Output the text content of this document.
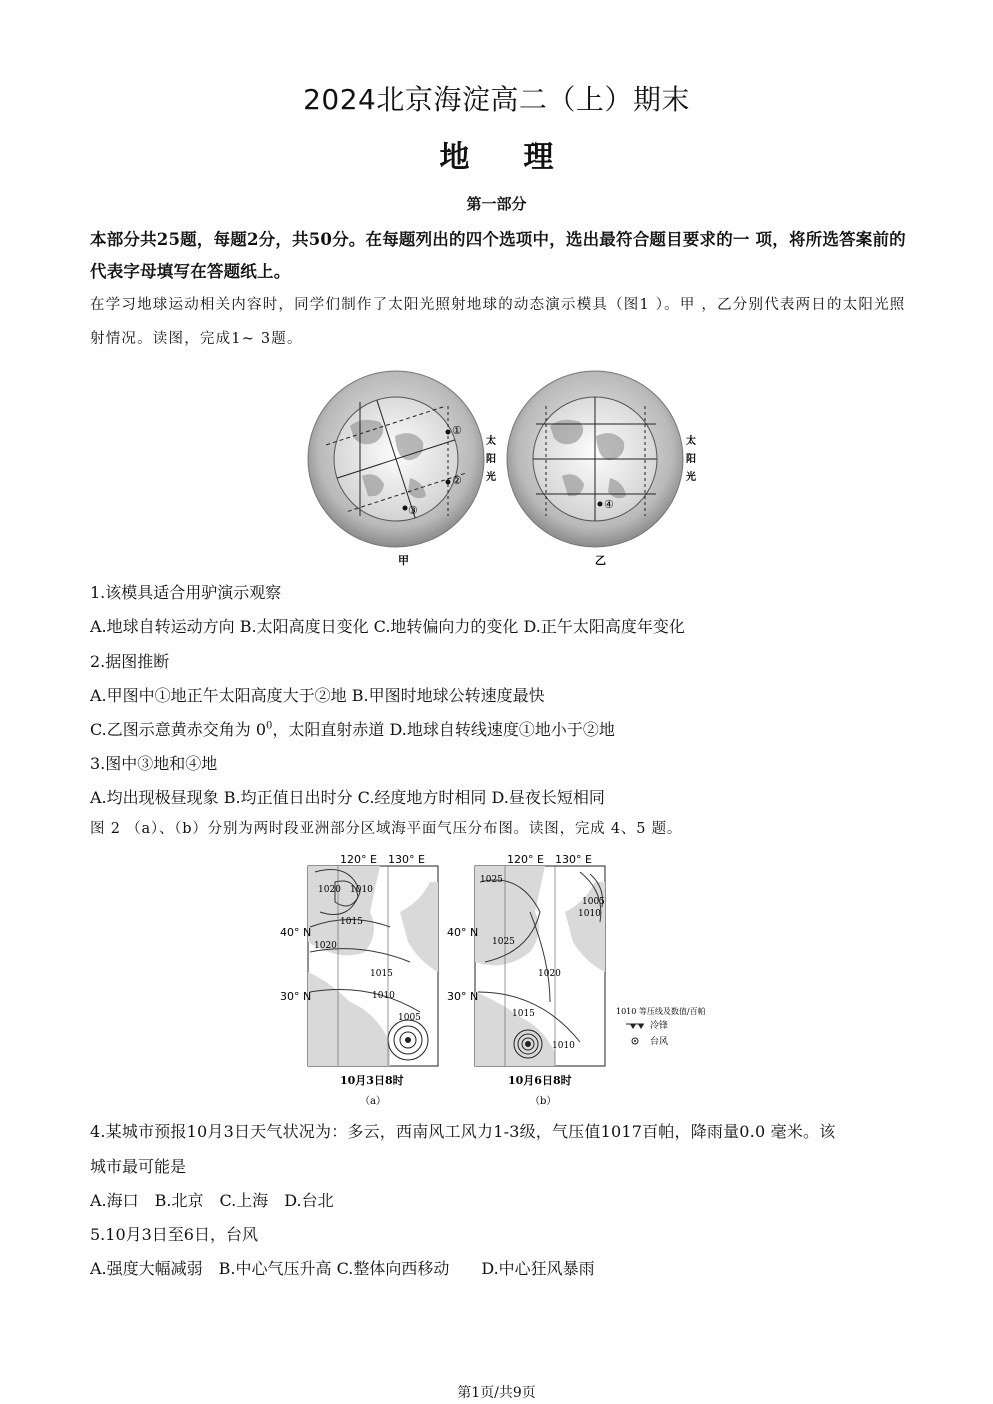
2024北京海淀高二（上）期末
地理
第一部分
本部分共25题，每题2分，共50分。在每题列出的四个选项中，选出最符合题目要求的一 项，将所选答案前的代表字母填写在答题纸上。
在学习地球运动相关内容时，同学们制作了太阳光照射地球的动态演示模具（图1 ）。甲 ，乙分别代表两日的太阳光照射情况。读图，完成1~ 3题。
①
②
③	④
太
阳
光
太
阳
光
甲	乙
1.该模具适合用驴演示观察
A.地球自转运动方向 B.太阳高度日变化 C.地转偏向力的变化 D.正午太阳高度年变化
2.据图推断
A.甲图中①地正午太阳高度大于②地 B.甲图时地球公转速度最快
C.乙图示意黄赤交角为 $0^0$，太阳直射赤道 D.地球自转线速度①地小于②地
3.图中③地和④地
A.均出现极昼现象 B.均正值日出时分 C.经度地方时相同 D.昼夜长短相同
图 2 （a）、（b）分别为两时段亚洲部分区域海平面气压分布图。读图，完成 4、5 题。
120° E 130° E
40° N
30° N
1020 1010
1015
1020
1015
1010
1005
10月3日8时
（a）
120° E 130° E
40° N
30° N
1025
1005
1010
1025
1020
1015
1010
10月6日8时
（b）
1010 等压线及数值/百帕
冷锋
台风
4.某城市预报10月3日天气状况为：多云，西南风工风力1-3级，气压值1017百帕，降雨量0.0 毫米。该
城市最可能是
A.海口　B.北京　C.上海　D.台北
5.10月3日至6日，台风
A.强度大幅减弱　B.中心气压升高 C.整体向西移动　　D.中心狂风暴雨
第1页/共9页
